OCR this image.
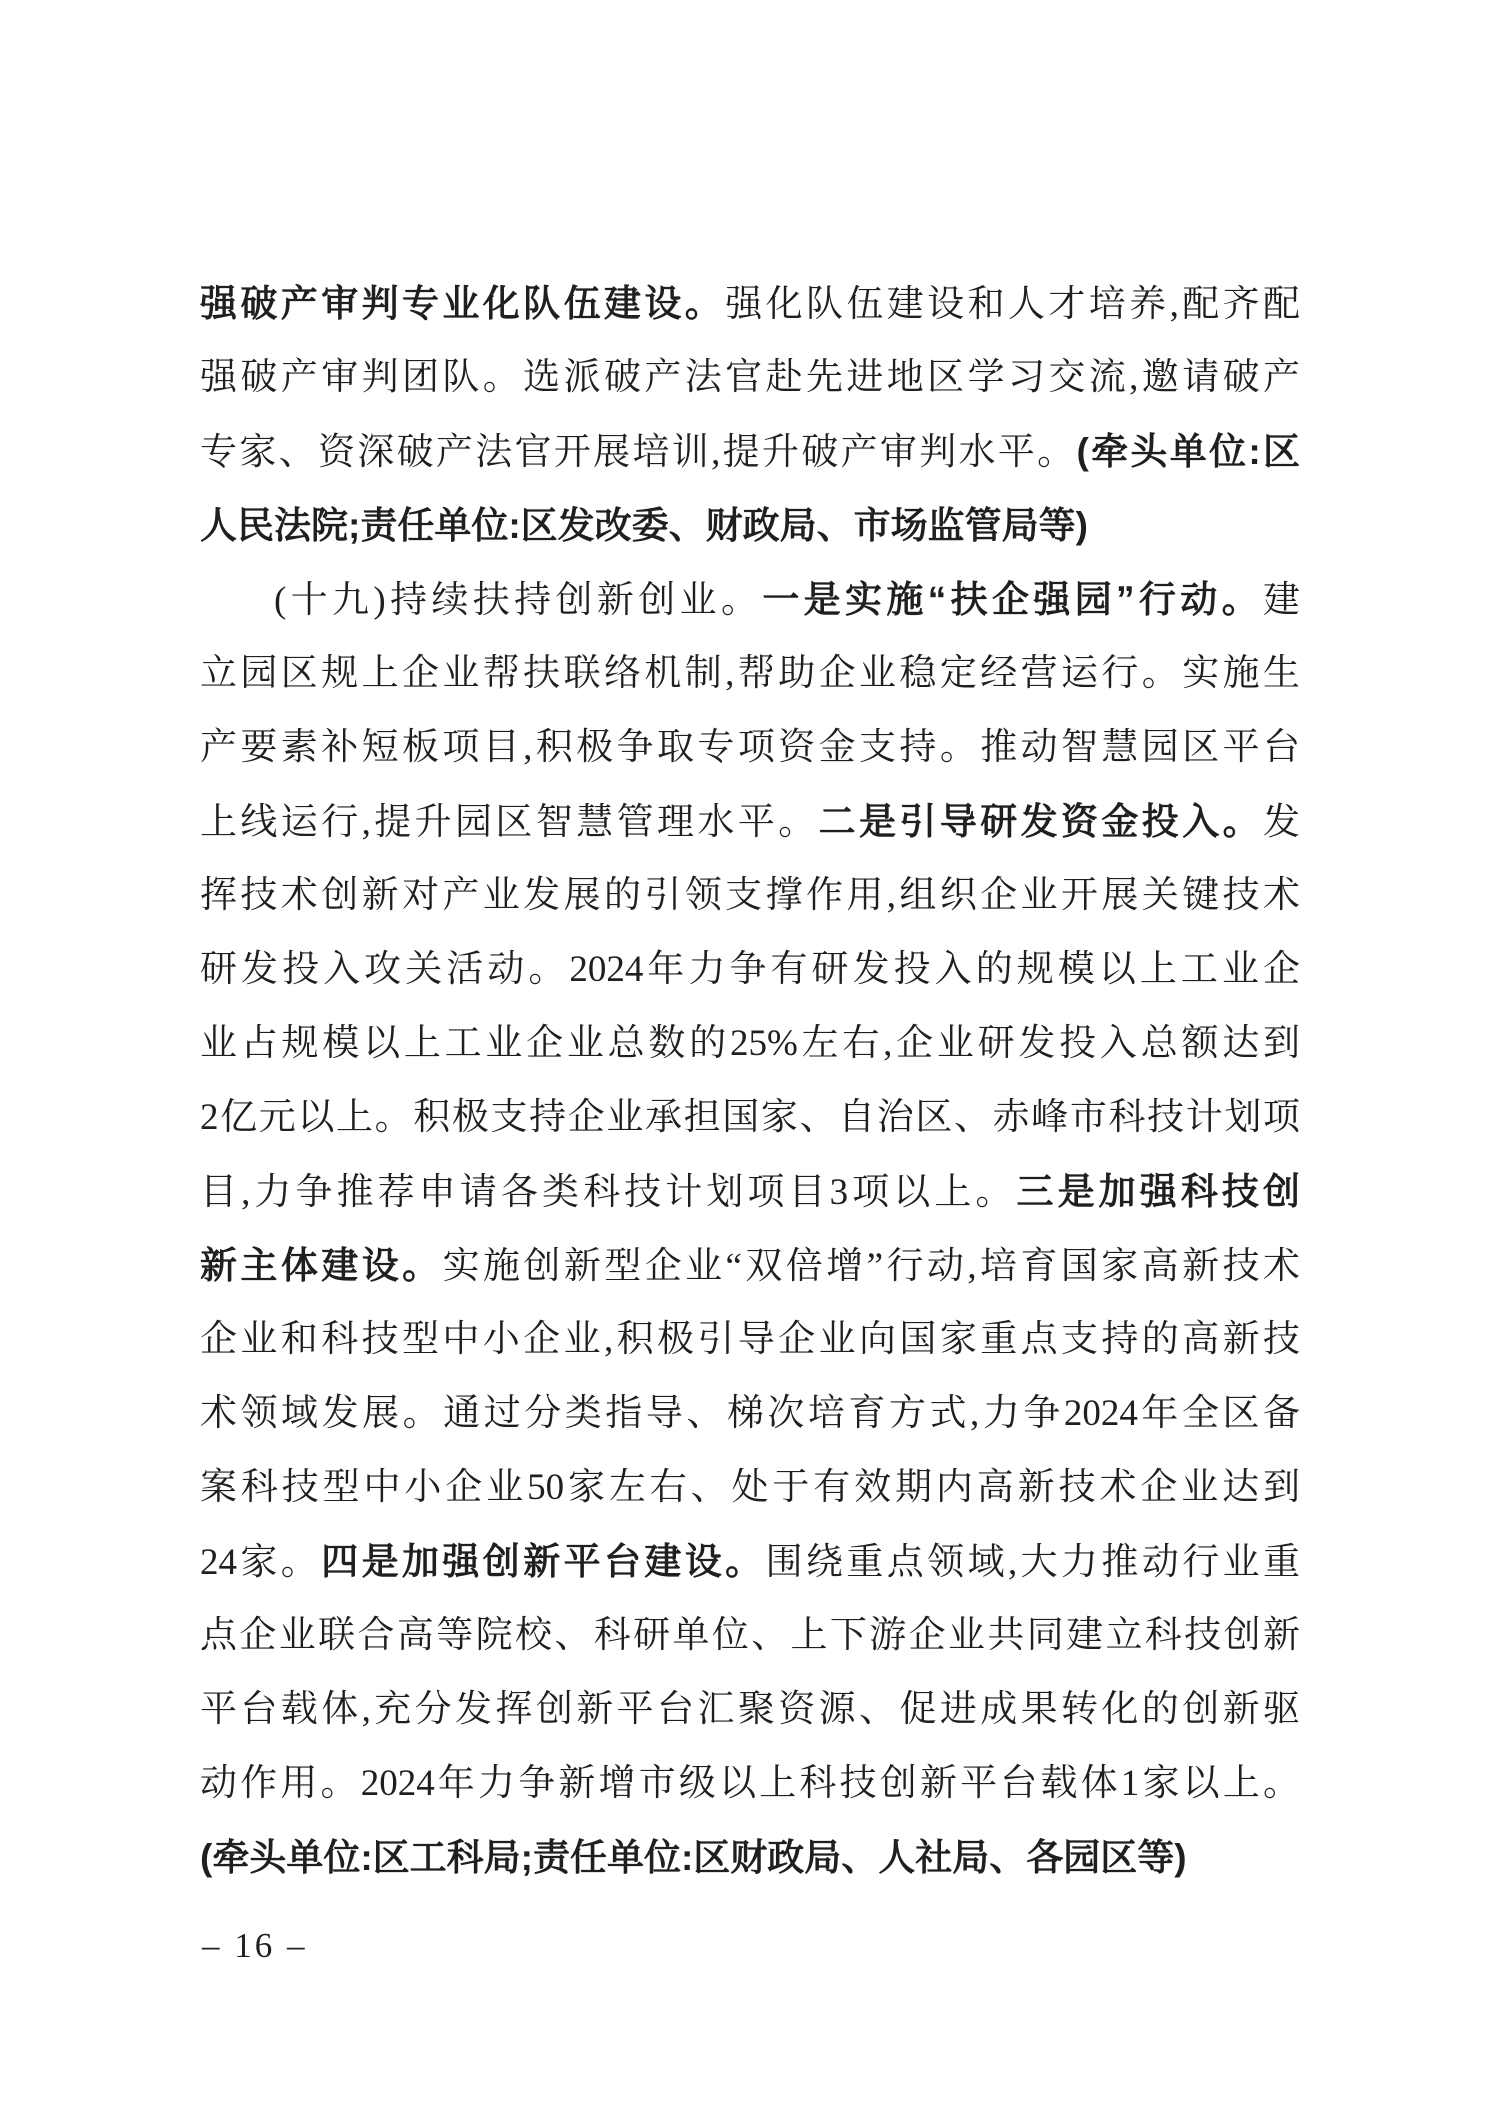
强破产审判专业化队伍建设。强化队伍建设和人才培养,配齐配
强破产审判团队。选派破产法官赴先进地区学习交流,邀请破产
专家、资深破产法官开展培训,提升破产审判水平。(牵头单位:区
人民法院;责任单位:区发改委、财政局、市场监管局等)
(十九)持续扶持创新创业。一是实施“扶企强园”行动。建
立园区规上企业帮扶联络机制,帮助企业稳定经营运行。实施生
产要素补短板项目,积极争取专项资金支持。推动智慧园区平台
上线运行,提升园区智慧管理水平。二是引导研发资金投入。发
挥技术创新对产业发展的引领支撑作用,组织企业开展关键技术
研发投入攻关活动。2024年力争有研发投入的规模以上工业企
业占规模以上工业企业总数的25%左右,企业研发投入总额达到
2亿元以上。积极支持企业承担国家、自治区、赤峰市科技计划项
目,力争推荐申请各类科技计划项目3项以上。三是加强科技创
新主体建设。实施创新型企业“双倍增”行动,培育国家高新技术
企业和科技型中小企业,积极引导企业向国家重点支持的高新技
术领域发展。通过分类指导、梯次培育方式,力争2024年全区备
案科技型中小企业50家左右、处于有效期内高新技术企业达到
24家。四是加强创新平台建设。围绕重点领域,大力推动行业重
点企业联合高等院校、科研单位、上下游企业共同建立科技创新
平台载体,充分发挥创新平台汇聚资源、促进成果转化的创新驱
动作用。2024年力争新增市级以上科技创新平台载体1家以上。
(牵头单位:区工科局;责任单位:区财政局、人社局、各园区等)
– 16 –
